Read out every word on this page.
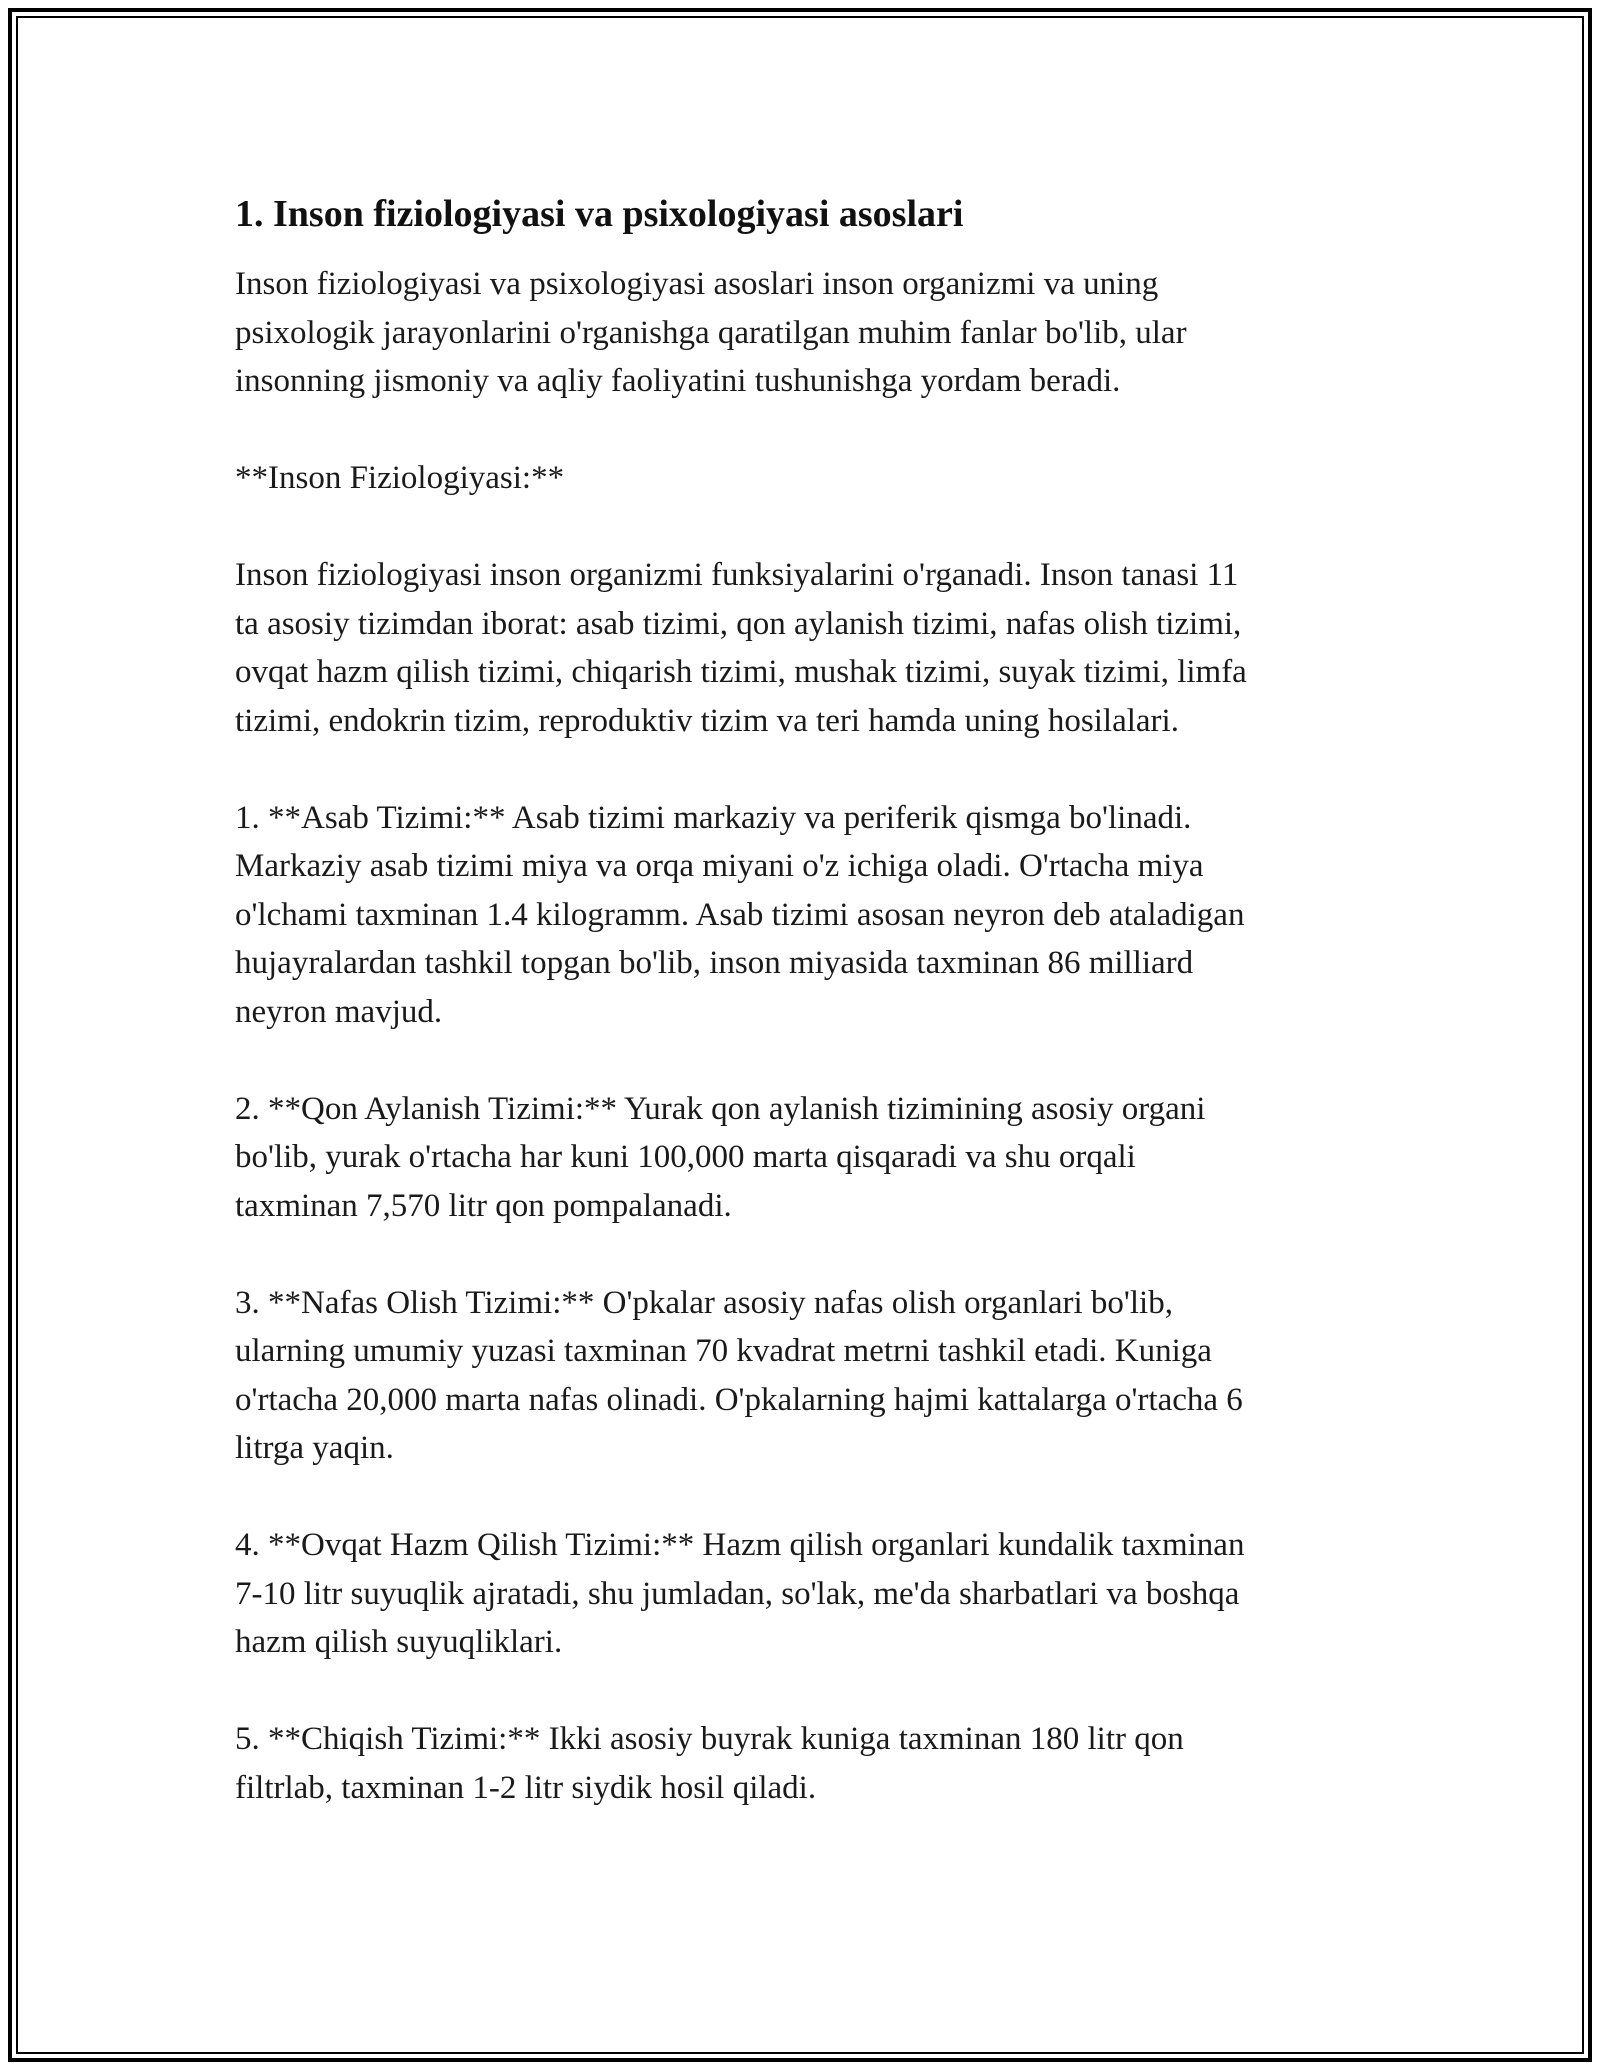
1. Inson fiziologiyasi va psixologiyasi asoslari

Inson fiziologiyasi va psixologiyasi asoslari inson organizmi va uning
psixologik jarayonlarini o'rganishga qaratilgan muhim fanlar bo'lib, ular
insonning jismoniy va aqliy faoliyatini tushunishga yordam beradi.

**Inson Fiziologiyasi:**

Inson fiziologiyasi inson organizmi funksiyalarini o'rganadi. Inson tanasi 11
ta asosiy tizimdan iborat: asab tizimi, qon aylanish tizimi, nafas olish tizimi,
ovqat hazm qilish tizimi, chiqarish tizimi, mushak tizimi, suyak tizimi, limfa
tizimi, endokrin tizim, reproduktiv tizim va teri hamda uning hosilalari.

1. **Asab Tizimi:** Asab tizimi markaziy va periferik qismga bo'linadi.
Markaziy asab tizimi miya va orqa miyani o'z ichiga oladi. O'rtacha miya
o'lchami taxminan 1.4 kilogramm. Asab tizimi asosan neyron deb ataladigan
hujayralardan tashkil topgan bo'lib, inson miyasida taxminan 86 milliard
neyron mavjud.

2. **Qon Aylanish Tizimi:** Yurak qon aylanish tizimining asosiy organi
bo'lib, yurak o'rtacha har kuni 100,000 marta qisqaradi va shu orqali
taxminan 7,570 litr qon pompalanadi.

3. **Nafas Olish Tizimi:** O'pkalar asosiy nafas olish organlari bo'lib,
ularning umumiy yuzasi taxminan 70 kvadrat metrni tashkil etadi. Kuniga
o'rtacha 20,000 marta nafas olinadi. O'pkalarning hajmi kattalarga o'rtacha 6
litrga yaqin.

4. **Ovqat Hazm Qilish Tizimi:** Hazm qilish organlari kundalik taxminan
7-10 litr suyuqlik ajratadi, shu jumladan, so'lak, me'da sharbatlari va boshqa
hazm qilish suyuqliklari.

5. **Chiqish Tizimi:** Ikki asosiy buyrak kuniga taxminan 180 litr qon
filtrlab, taxminan 1-2 litr siydik hosil qiladi.
